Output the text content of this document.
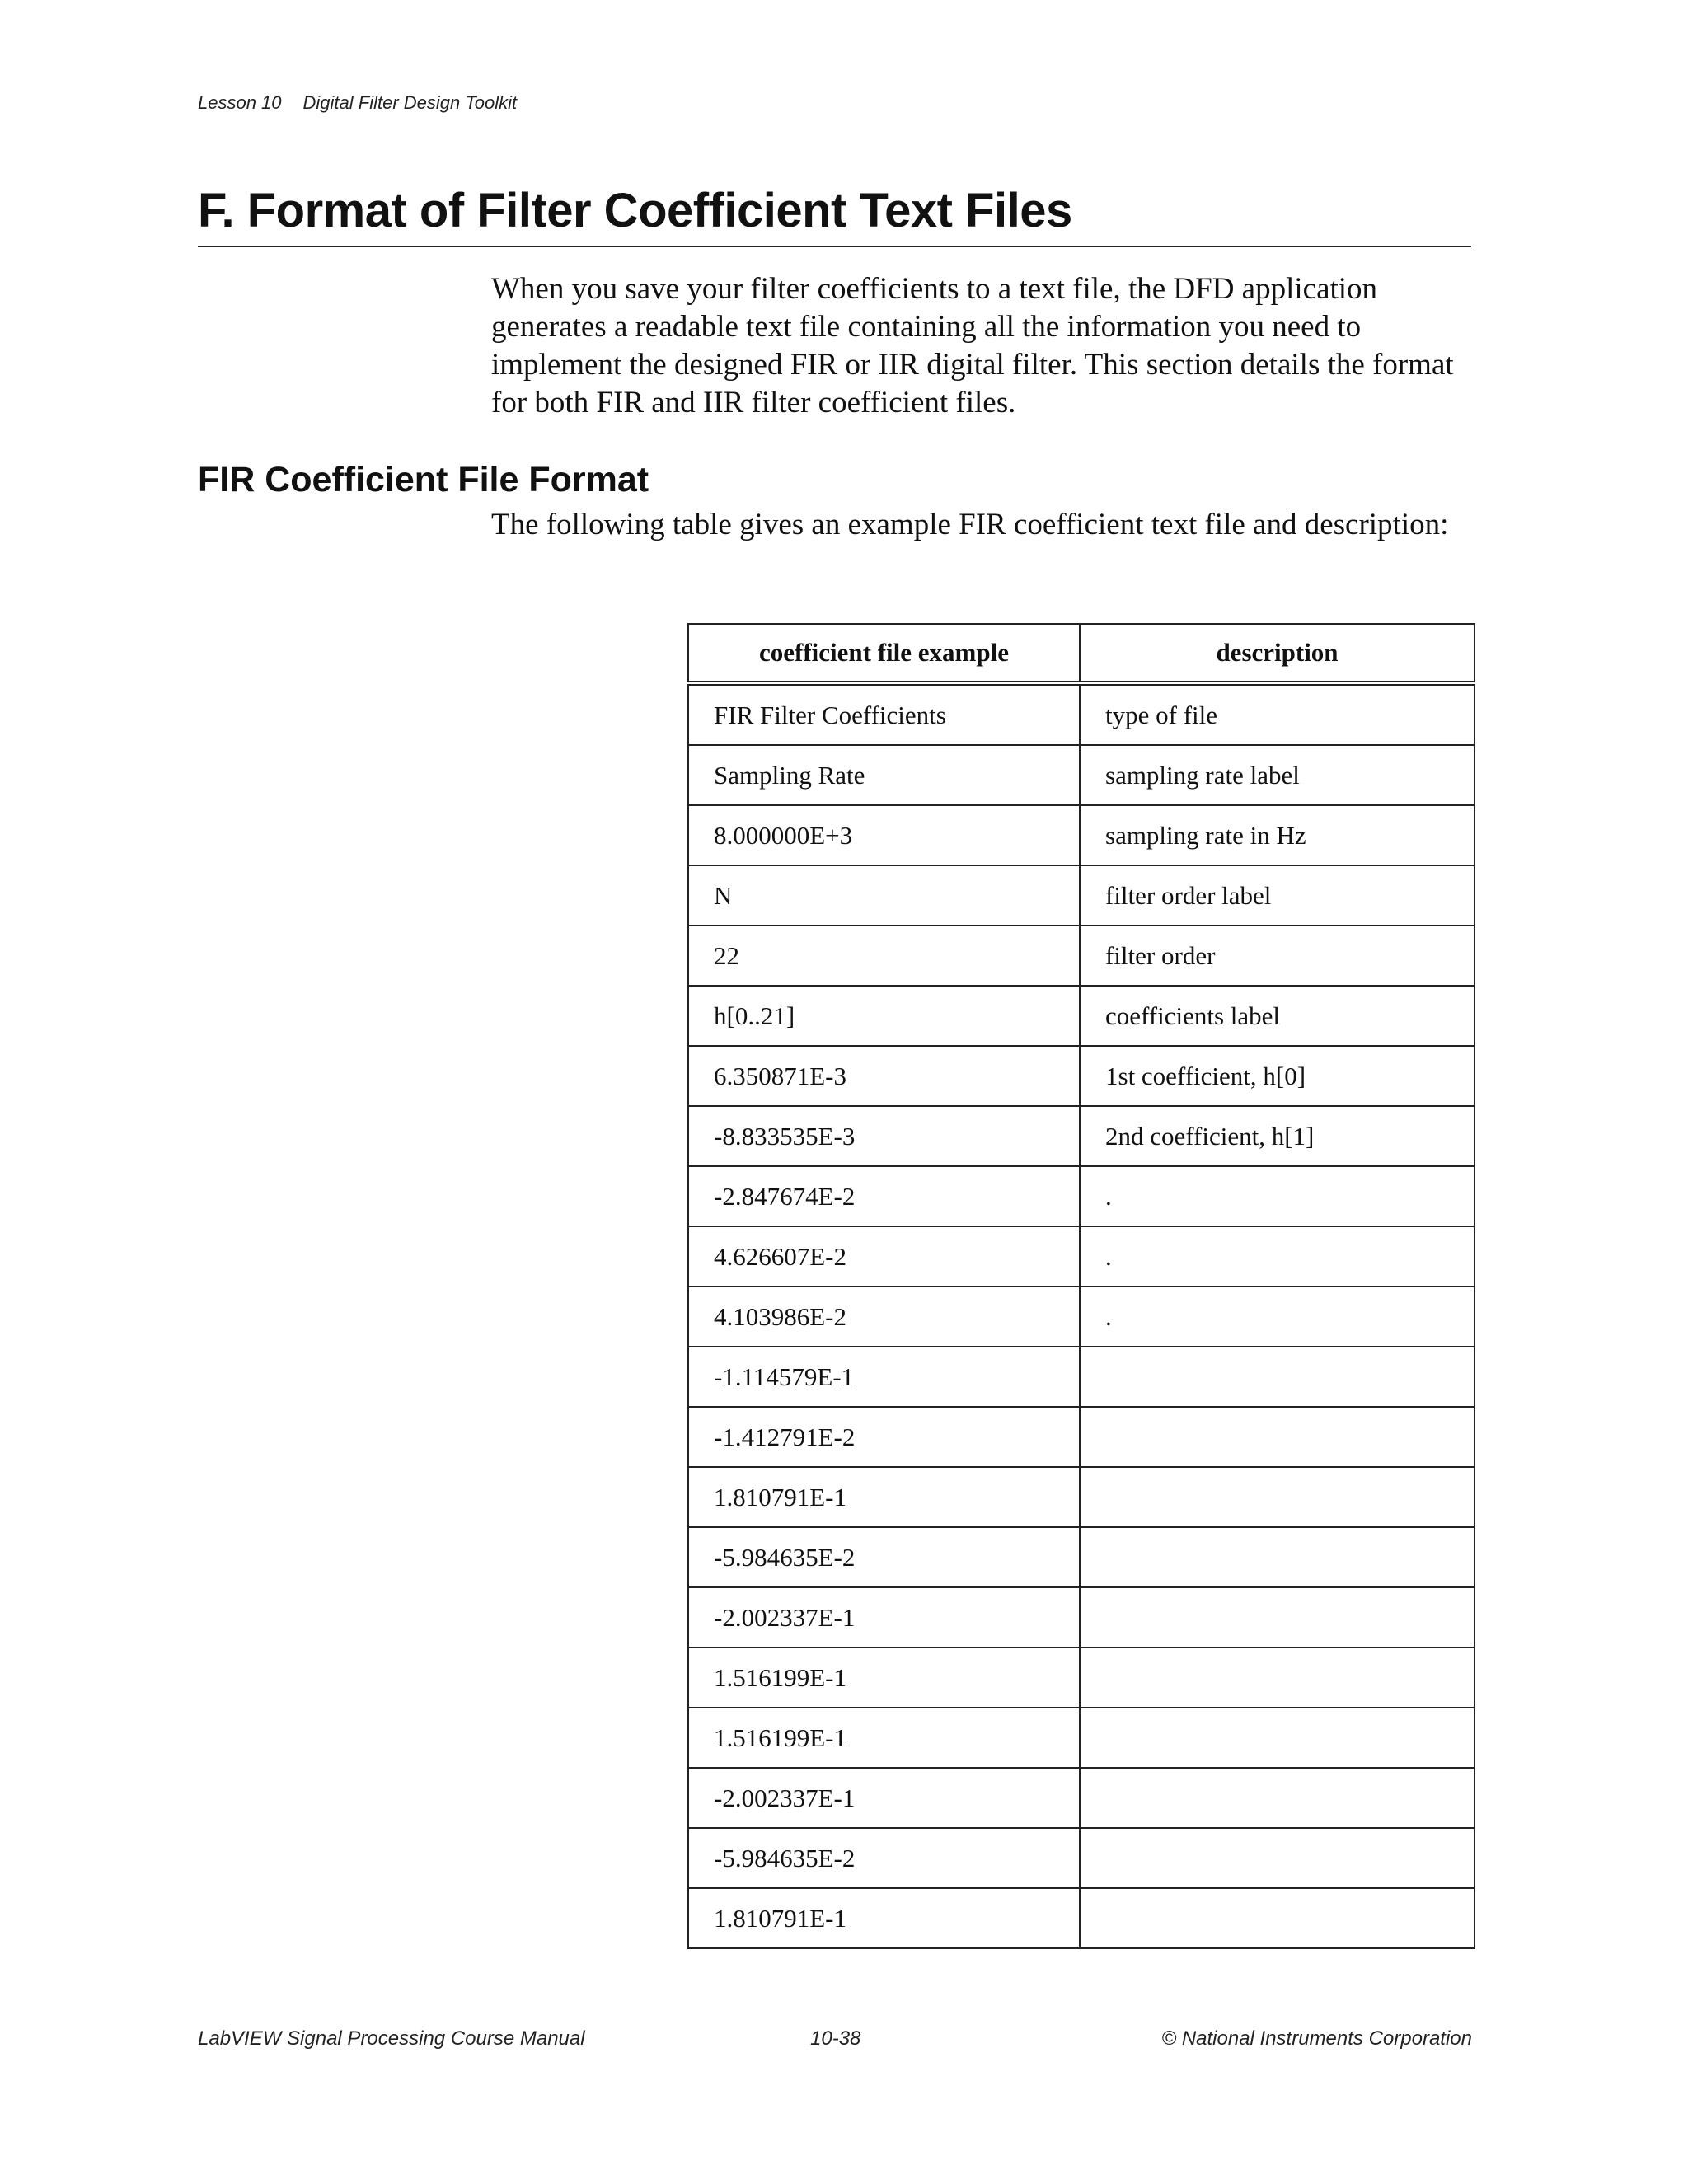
Lesson 10 Digital Filter Design Toolkit
F. Format of Filter Coefficient Text Files

When you save your filter coefficients to a text file, the DFD application generates a readable text file containing all the information you need to implement the designed FIR or IIR digital filter. This section details the format for both FIR and IIR filter coefficient files.

FIR Coefficient File Format

The following table gives an example FIR coefficient text file and description:

coefficient file example	description
FIR Filter Coefficients	type of file
Sampling Rate	sampling rate label
8.000000E+3	sampling rate in Hz
N	filter order label
22	filter order
h[0..21]	coefficients label
6.350871E-3	1st coefficient, h[0]
-8.833535E-3	2nd coefficient, h[1]
-2.847674E-2	.
4.626607E-2	.
4.103986E-2	.
-1.114579E-1	
-1.412791E-2	
1.810791E-1	
-5.984635E-2	
-2.002337E-1	
1.516199E-1	
1.516199E-1	
-2.002337E-1	
-5.984635E-2	
1.810791E-1	
LabVIEW Signal Processing Course Manual	10-38	© National Instruments Corporation
